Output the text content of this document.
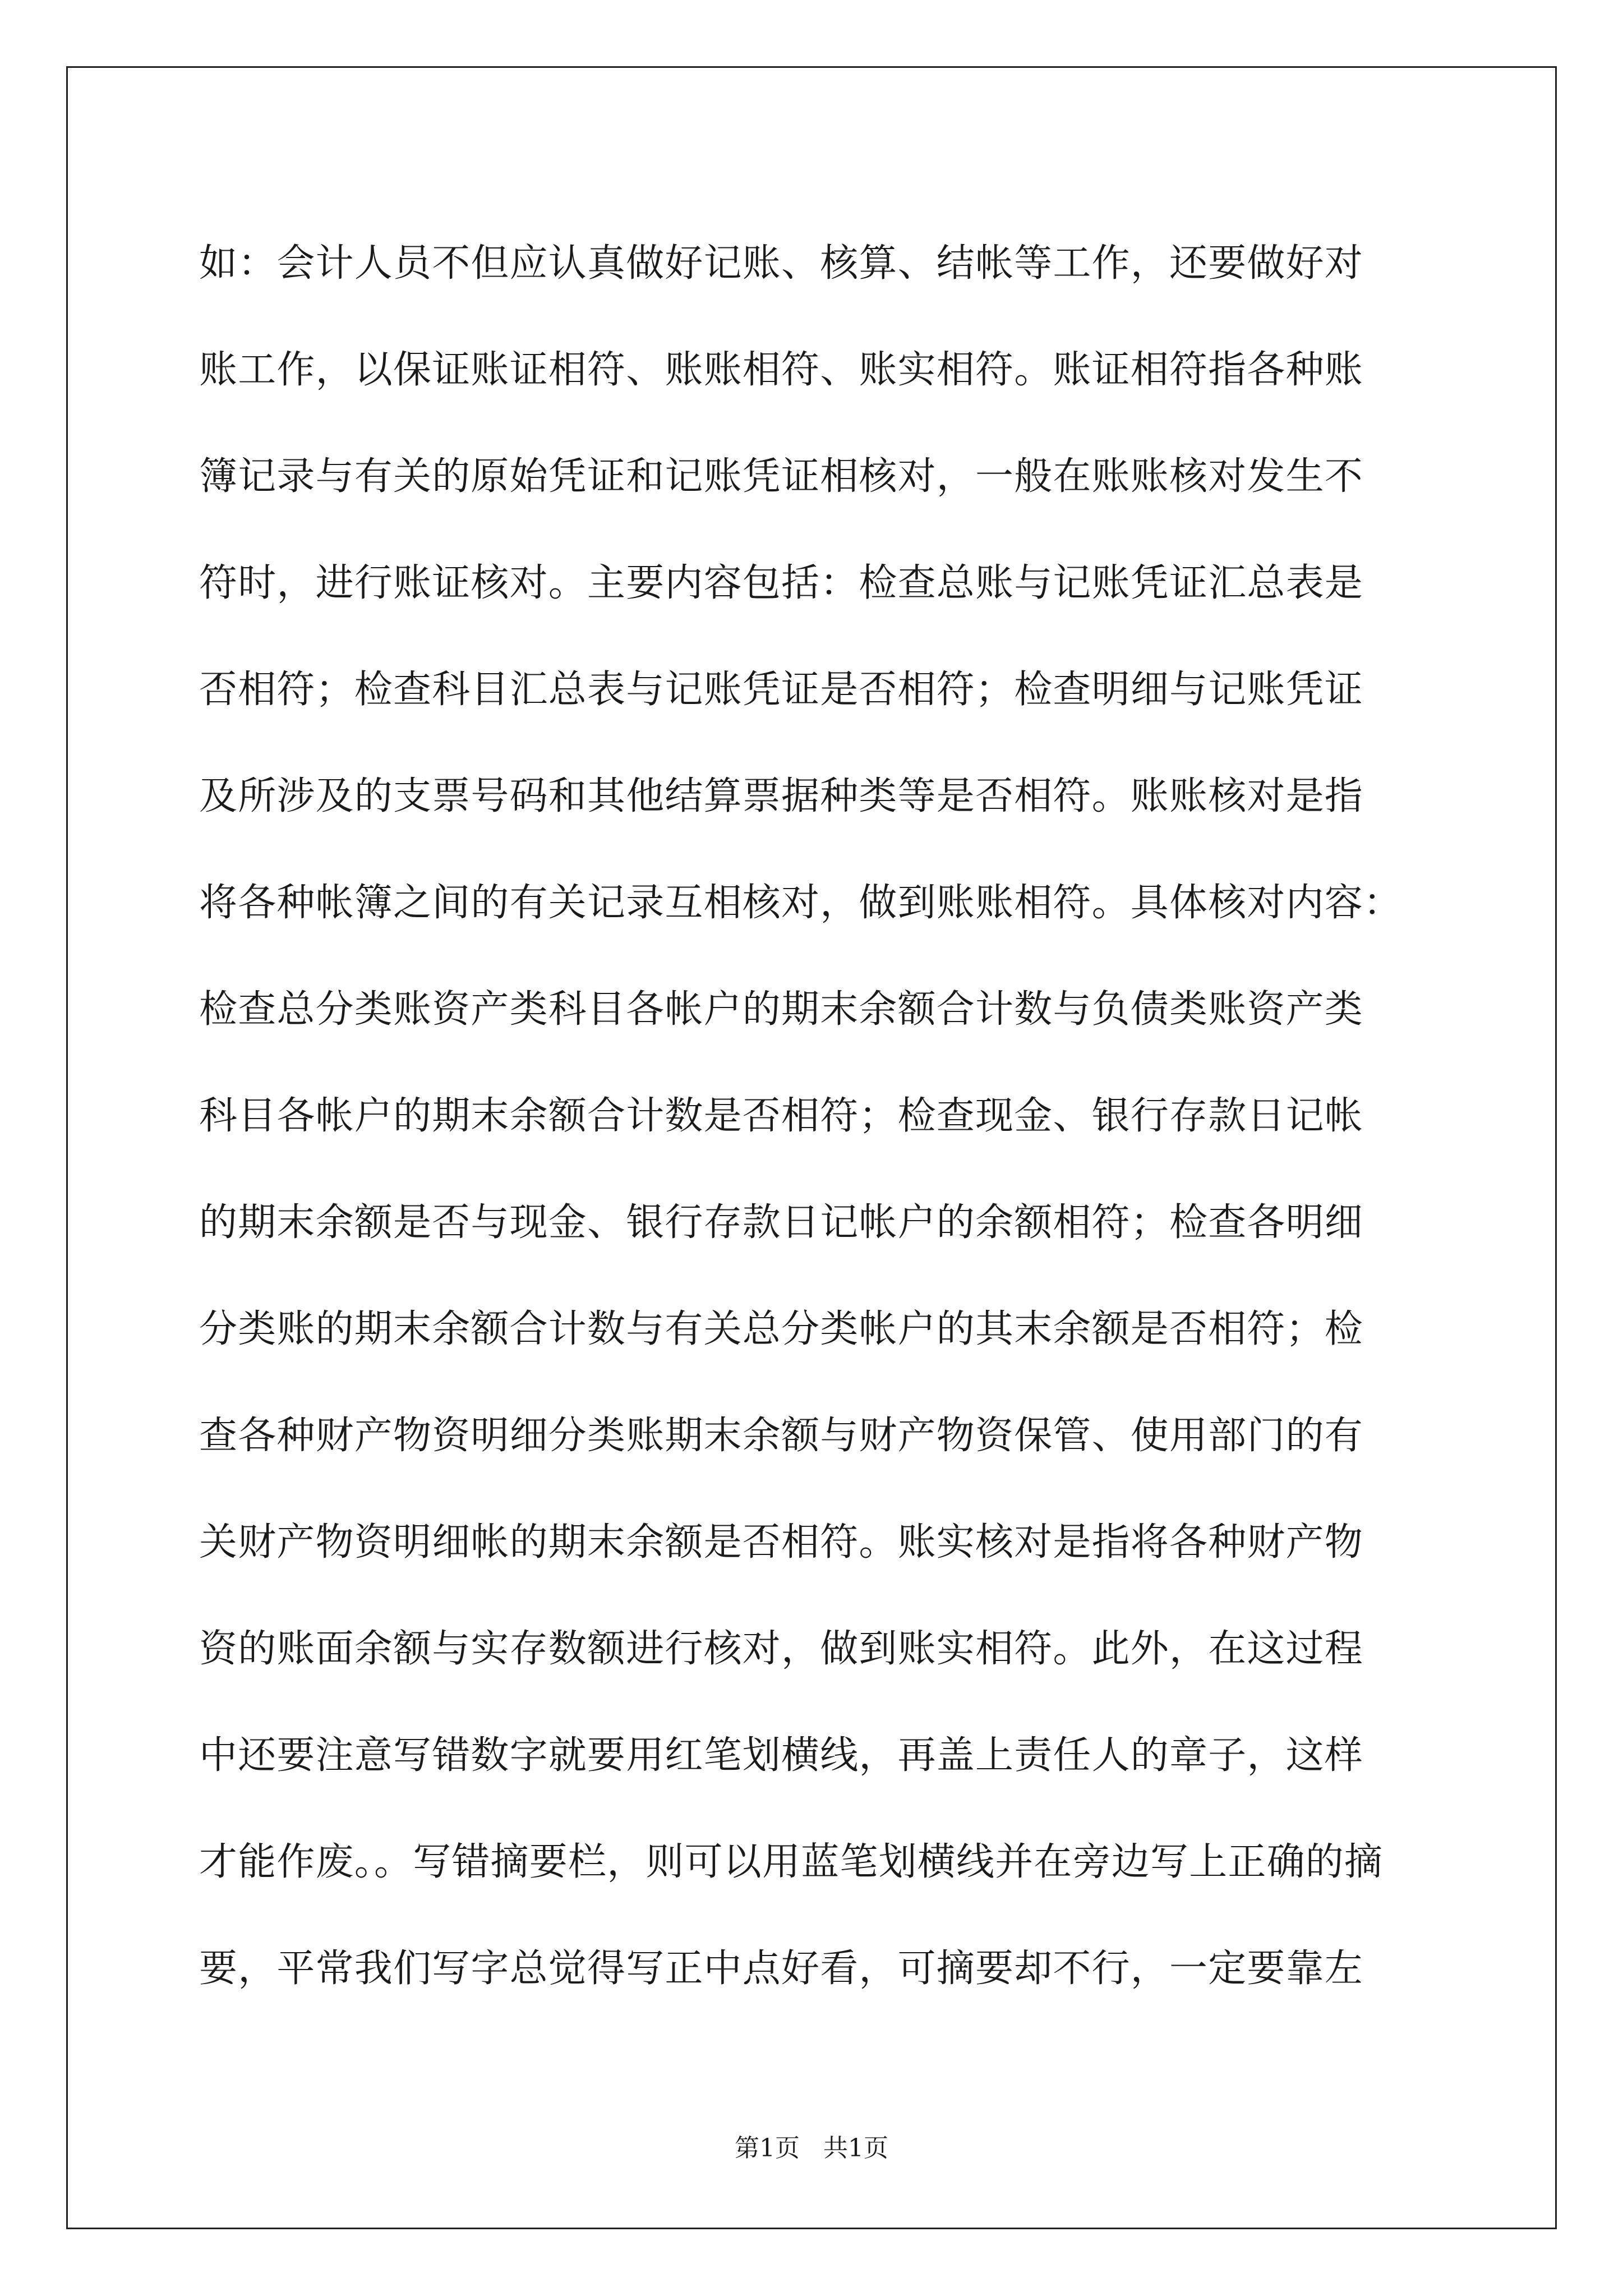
如：会计人员不但应认真做好记账、核算、结帐等工作，还要做好对
账工作，以保证账证相符、账账相符、账实相符。账证相符指各种账
簿记录与有关的原始凭证和记账凭证相核对，一般在账账核对发生不
符时，进行账证核对。主要内容包括：检查总账与记账凭证汇总表是
否相符；检查科目汇总表与记账凭证是否相符；检查明细与记账凭证
及所涉及的支票号码和其他结算票据种类等是否相符。账账核对是指
将各种帐簿之间的有关记录互相核对，做到账账相符。具体核对内容：
检查总分类账资产类科目各帐户的期末余额合计数与负债类账资产类
科目各帐户的期末余额合计数是否相符；检查现金、银行存款日记帐
的期末余额是否与现金、银行存款日记帐户的余额相符；检查各明细
分类账的期末余额合计数与有关总分类帐户的其末余额是否相符；检
查各种财产物资明细分类账期末余额与财产物资保管、使用部门的有
关财产物资明细帐的期末余额是否相符。账实核对是指将各种财产物
资的账面余额与实存数额进行核对，做到账实相符。此外，在这过程
中还要注意写错数字就要用红笔划横线，再盖上责任人的章子，这样
才能作废。。写错摘要栏，则可以用蓝笔划横线并在旁边写上正确的摘
要，平常我们写字总觉得写正中点好看，可摘要却不行，一定要靠左
第1页   共1页
